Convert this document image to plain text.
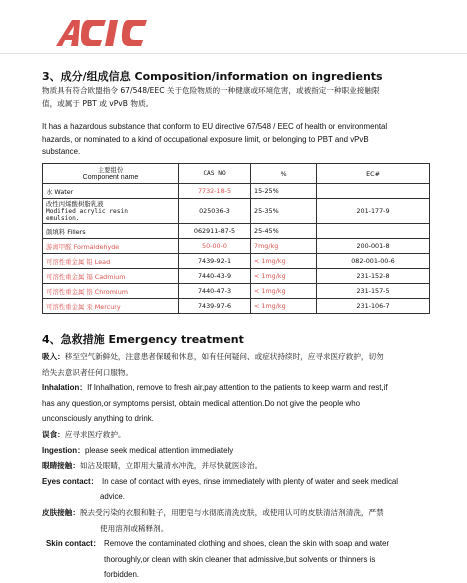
3、成分/组成信息 Composition/information on ingredients
物质具有符合欧盟指令 67/548/EEC 关于危险物质的一种健康或环境危害，或被指定一种职业接触限
值，或属于 PBT 或 vPvB 物质。
It has a hazardous substance that conform to EU directive 67/548 / EEC of health or environmental
hazards, or nominated to a kind of occupational exposure limit, or belonging to PBT and vPvB
substance.
主要组份
Component name	CAS NO	%	EC#
水 Water	7732-18-5	15-25%	

改性丙烯酸树脂乳液
Modified acrylic resin
emulsion.	025036-3	25-35%	201-177-9
颜填料 Fillers	062911-87-5	25-45%	
游离甲醛 Formaldehyde	50-00-0	7mg/kg	200-001-8
可溶性重金属 铅 Lead	7439-92-1	< 1mg/kg	082-001-00-6
可溶性重金属 镉 Cadmium	7440-43-9	< 1mg/kg	231-152-8
可溶性重金属 铬 Chromium	7440-47-3	< 1mg/kg	231-157-5
可溶性重金属 汞 Mercury	7439-97-6	< 1mg/kg	231-106-7
4、急救措施 Emergency treatment
吸入：移至空气新鲜处，注意患者保暖和休息，如有任何疑问、或症状持续时，应寻求医疗救护，切勿
给失去意识者任何口服物。
Inhalation：If Inhalhation, remove to fresh air,pay attention to the patients to keep warm and rest,if
has any question,or symptoms persist, obtain medical attention.Do not give the people who
unconsciously anything to drink.
误食：应寻求医疗救护。
Ingestion：please seek medical attention immediately
眼睛接触：如沾及眼睛，立即用大量清水冲洗，并尽快就医诊治。
Eyes contact： In case of contact with eyes, rinse immediately with plenty of water and seek medical
advice.
皮肤接触：脱去受污染的衣服和鞋子，用肥皂与水彻底清洗皮肤，或使用认可的皮肤清洁剂清洗，严禁
使用溶剂或稀释剂。
Skin contact： Remove the contaminated clothing and shoes, clean the skin with soap and water
thoroughly,or clean with skin cleaner that admissive,but solvents or thinners is
forbidden.
